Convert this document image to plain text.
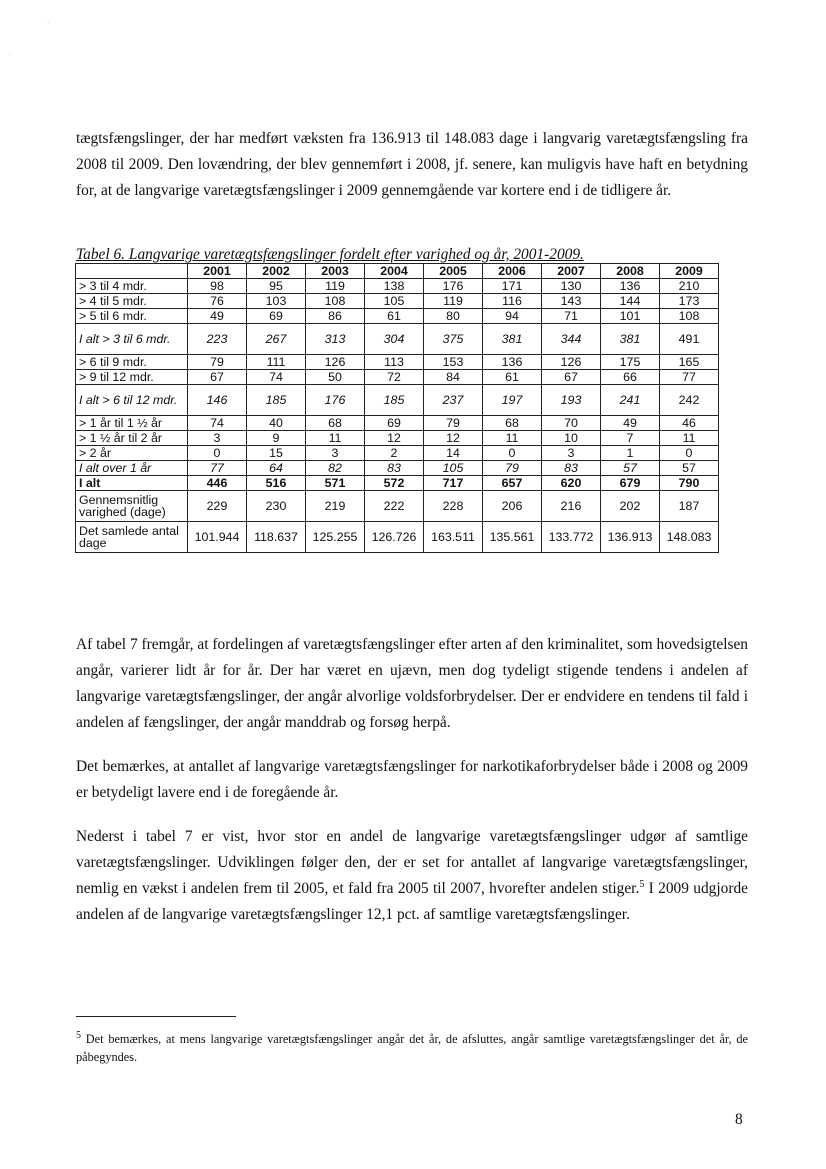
·
·

tægtsfængslinger, der har medført væksten fra 136.913 til 148.083 dage i langvarig varetægtsfængsling fra 2008 til 2009. Den lovændring, der blev gennemført i 2008, jf. senere, kan muligvis have haft en betydning for, at de langvarige varetægtsfængslinger i 2009 gennemgående var kortere end i de tidligere år.

Tabel 6. Langvarige varetægtsfængslinger fordelt efter varighed og år, 2001-2009.

	2001	2002	2003	2004	2005	2006	2007	2008	2009
> 3 til 4 mdr.	98	95	119	138	176	171	130	136	210
> 4 til 5 mdr.	76	103	108	105	119	116	143	144	173
> 5 til 6 mdr.	49	69	86	61	80	94	71	101	108
I alt > 3 til 6 mdr.	223	267	313	304	375	381	344	381	491
> 6 til 9 mdr.	79	111	126	113	153	136	126	175	165
> 9 til 12 mdr.	67	74	50	72	84	61	67	66	77
I alt > 6 til 12 mdr.	146	185	176	185	237	197	193	241	242
> 1 år til 1 ½ år	74	40	68	69	79	68	70	49	46
> 1 ½ år til 2 år	3	9	11	12	12	11	10	7	11
> 2 år	0	15	3	2	14	0	3	1	0
I alt over 1 år	77	64	82	83	105	79	83	57	57
I alt	446	516	571	572	717	657	620	679	790
Gennemsnitlig varighed (dage)	229	230	219	222	228	206	216	202	187
Det samlede antal dage	101.944	118.637	125.255	126.726	163.511	135.561	133.772	136.913	148.083

Af tabel 7 fremgår, at fordelingen af varetægtsfængslinger efter arten af den kriminalitet, som hovedsigtelsen angår, varierer lidt år for år. Der har været en ujævn, men dog tydeligt stigende tendens i andelen af langvarige varetægtsfængslinger, der angår alvorlige voldsforbrydelser. Der er endvidere en tendens til fald i andelen af fængslinger, der angår manddrab og forsøg herpå.

Det bemærkes, at antallet af langvarige varetægtsfængslinger for narkotikaforbrydelser både i 2008 og 2009 er betydeligt lavere end i de foregående år.

Nederst i tabel 7 er vist, hvor stor en andel de langvarige varetægtsfængslinger udgør af samtlige varetægtsfængslinger. Udviklingen følger den, der er set for antallet af langvarige varetægtsfængslinger, nemlig en vækst i andelen frem til 2005, et fald fra 2005 til 2007, hvorefter andelen stiger.$^5$ I 2009 udgjorde andelen af de langvarige varetægtsfængslinger 12,1 pct. af samtlige varetægtsfængslinger.

$^5$ Det bemærkes, at mens langvarige varetægtsfængslinger angår det år, de afsluttes, angår samtlige varetægtsfængslinger det år, de påbegyndes.

8
